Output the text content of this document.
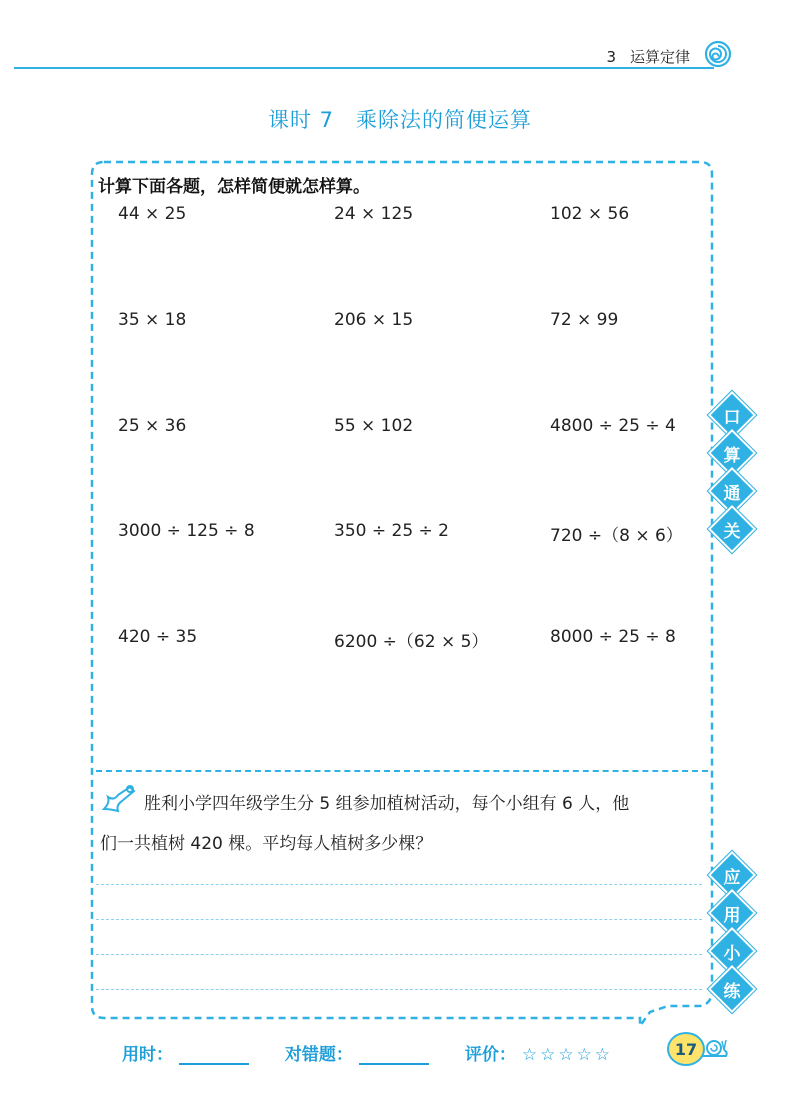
3 运算定律
课时 7 乘除法的简便运算
计算下面各题，怎样简便就怎样算。
44 × 25	24 × 125	102 × 56
35 × 18	206 × 15	72 × 99
25 × 36	55 × 102	4800 ÷ 25 ÷ 4
3000 ÷ 125 ÷ 8	350 ÷ 25 ÷ 2	720 ÷（8 × 6）
420 ÷ 35	6200 ÷（62 × 5）	8000 ÷ 25 ÷ 8
口
算
通
关
胜利小学四年级学生分 5 组参加植树活动，每个小组有 6 人，他
们一共植树 420 棵。平均每人植树多少棵？
应
用
小
练
用时：	对错题：	评价： ☆☆☆☆☆	17
